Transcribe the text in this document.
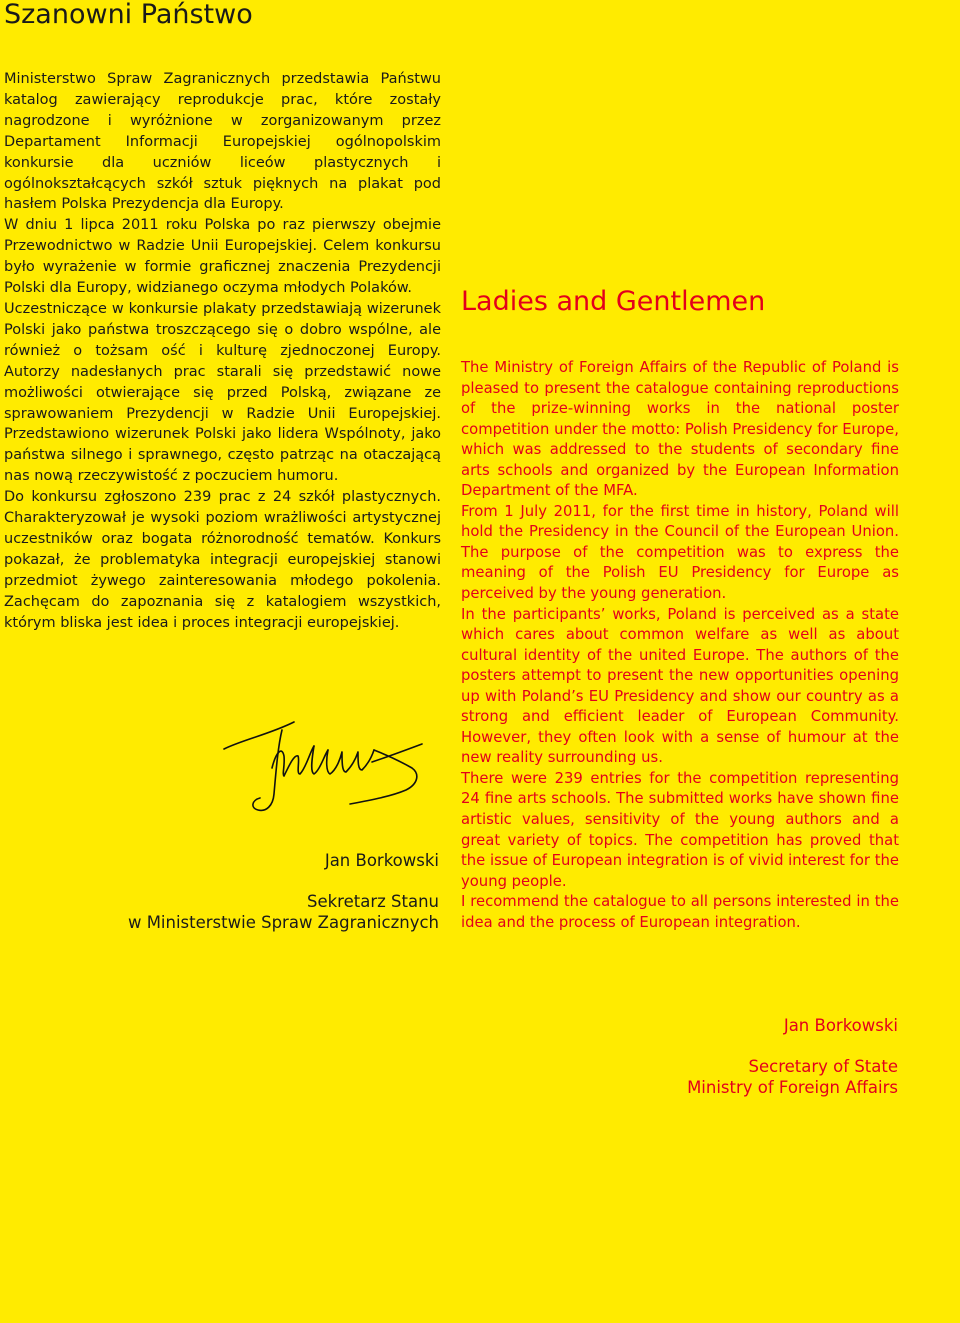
Szanowni Państwo

Ministerstwo Spraw Zagranicznych przedstawia Państwu katalog zawierający reprodukcje prac, które zostały nagrodzone i wyróżnione w zorganizowanym przez Departament Informacji Europejskiej ogólnopolskim konkursie dla uczniów liceów plastycznych i ogólnokształcących szkół sztuk pięknych na plakat pod hasłem Polska Prezydencja dla Europy.

W dniu 1 lipca 2011 roku Polska po raz pierwszy obejmie Przewodnictwo w Radzie Unii Europejskiej. Celem konkursu było wyrażenie w formie graficznej znaczenia Prezydencji Polski dla Europy, widzianego oczyma młodych Polaków.

Uczestniczące w konkursie plakaty przedstawiają wizerunek Polski jako państwa troszczącego się o dobro wspólne, ale również o tożsam ość i kulturę zjednoczonej Europy. Autorzy nadesłanych prac starali się przedstawić nowe możliwości otwierające się przed Polską, związane ze sprawowaniem Prezydencji w Radzie Unii Europejskiej. Przedstawiono wizerunek Polski jako lidera Wspólnoty, jako państwa silnego i sprawnego, często patrząc na otaczającą nas nową rzeczywistość z poczuciem humoru.

Do konkursu zgłoszono 239 prac z 24 szkół plastycznych. Charakteryzował je wysoki poziom wrażliwości artystycznej uczestników oraz bogata różnorodność tematów. Konkurs pokazał, że problematyka integracji europejskiej stanowi przedmiot żywego zainteresowania młodego pokolenia. Zachęcam do zapoznania się z katalogiem wszystkich, którym bliska jest idea i proces integracji europejskiej.

Jan Borkowski
Sekretarz Stanu
w Ministerstwie Spraw Zagranicznych
Ladies and Gentlemen

The Ministry of Foreign Affairs of the Republic of Poland is pleased to present the catalogue containing reproductions of the prize-winning works in the national poster competition under the motto: Polish Presidency for Europe, which was addressed to the students of secondary fine arts schools and organized by the European Information Department of the MFA.

From 1 July 2011, for the first time in history, Poland will hold the Presidency in the Council of the European Union. The purpose of the competition was to express the meaning of the Polish EU Presidency for Europe as perceived by the young generation.

In the participants’ works, Poland is perceived as a state which cares about common welfare as well as about cultural identity of the united Europe. The authors of the posters attempt to present the new opportunities opening up with Poland’s EU Presidency and show our country as a strong and efficient leader of European Community. However, they often look with a sense of humour at the new reality surrounding us.

There were 239 entries for the competition representing 24 fine arts schools. The submitted works have shown fine artistic values, sensitivity of the young authors and a great variety of topics. The competition has proved that the issue of European integration is of vivid interest for the young people.

I recommend the catalogue to all persons interested in the idea and the process of European integration.

Jan Borkowski
Secretary of State
Ministry of Foreign Affairs
